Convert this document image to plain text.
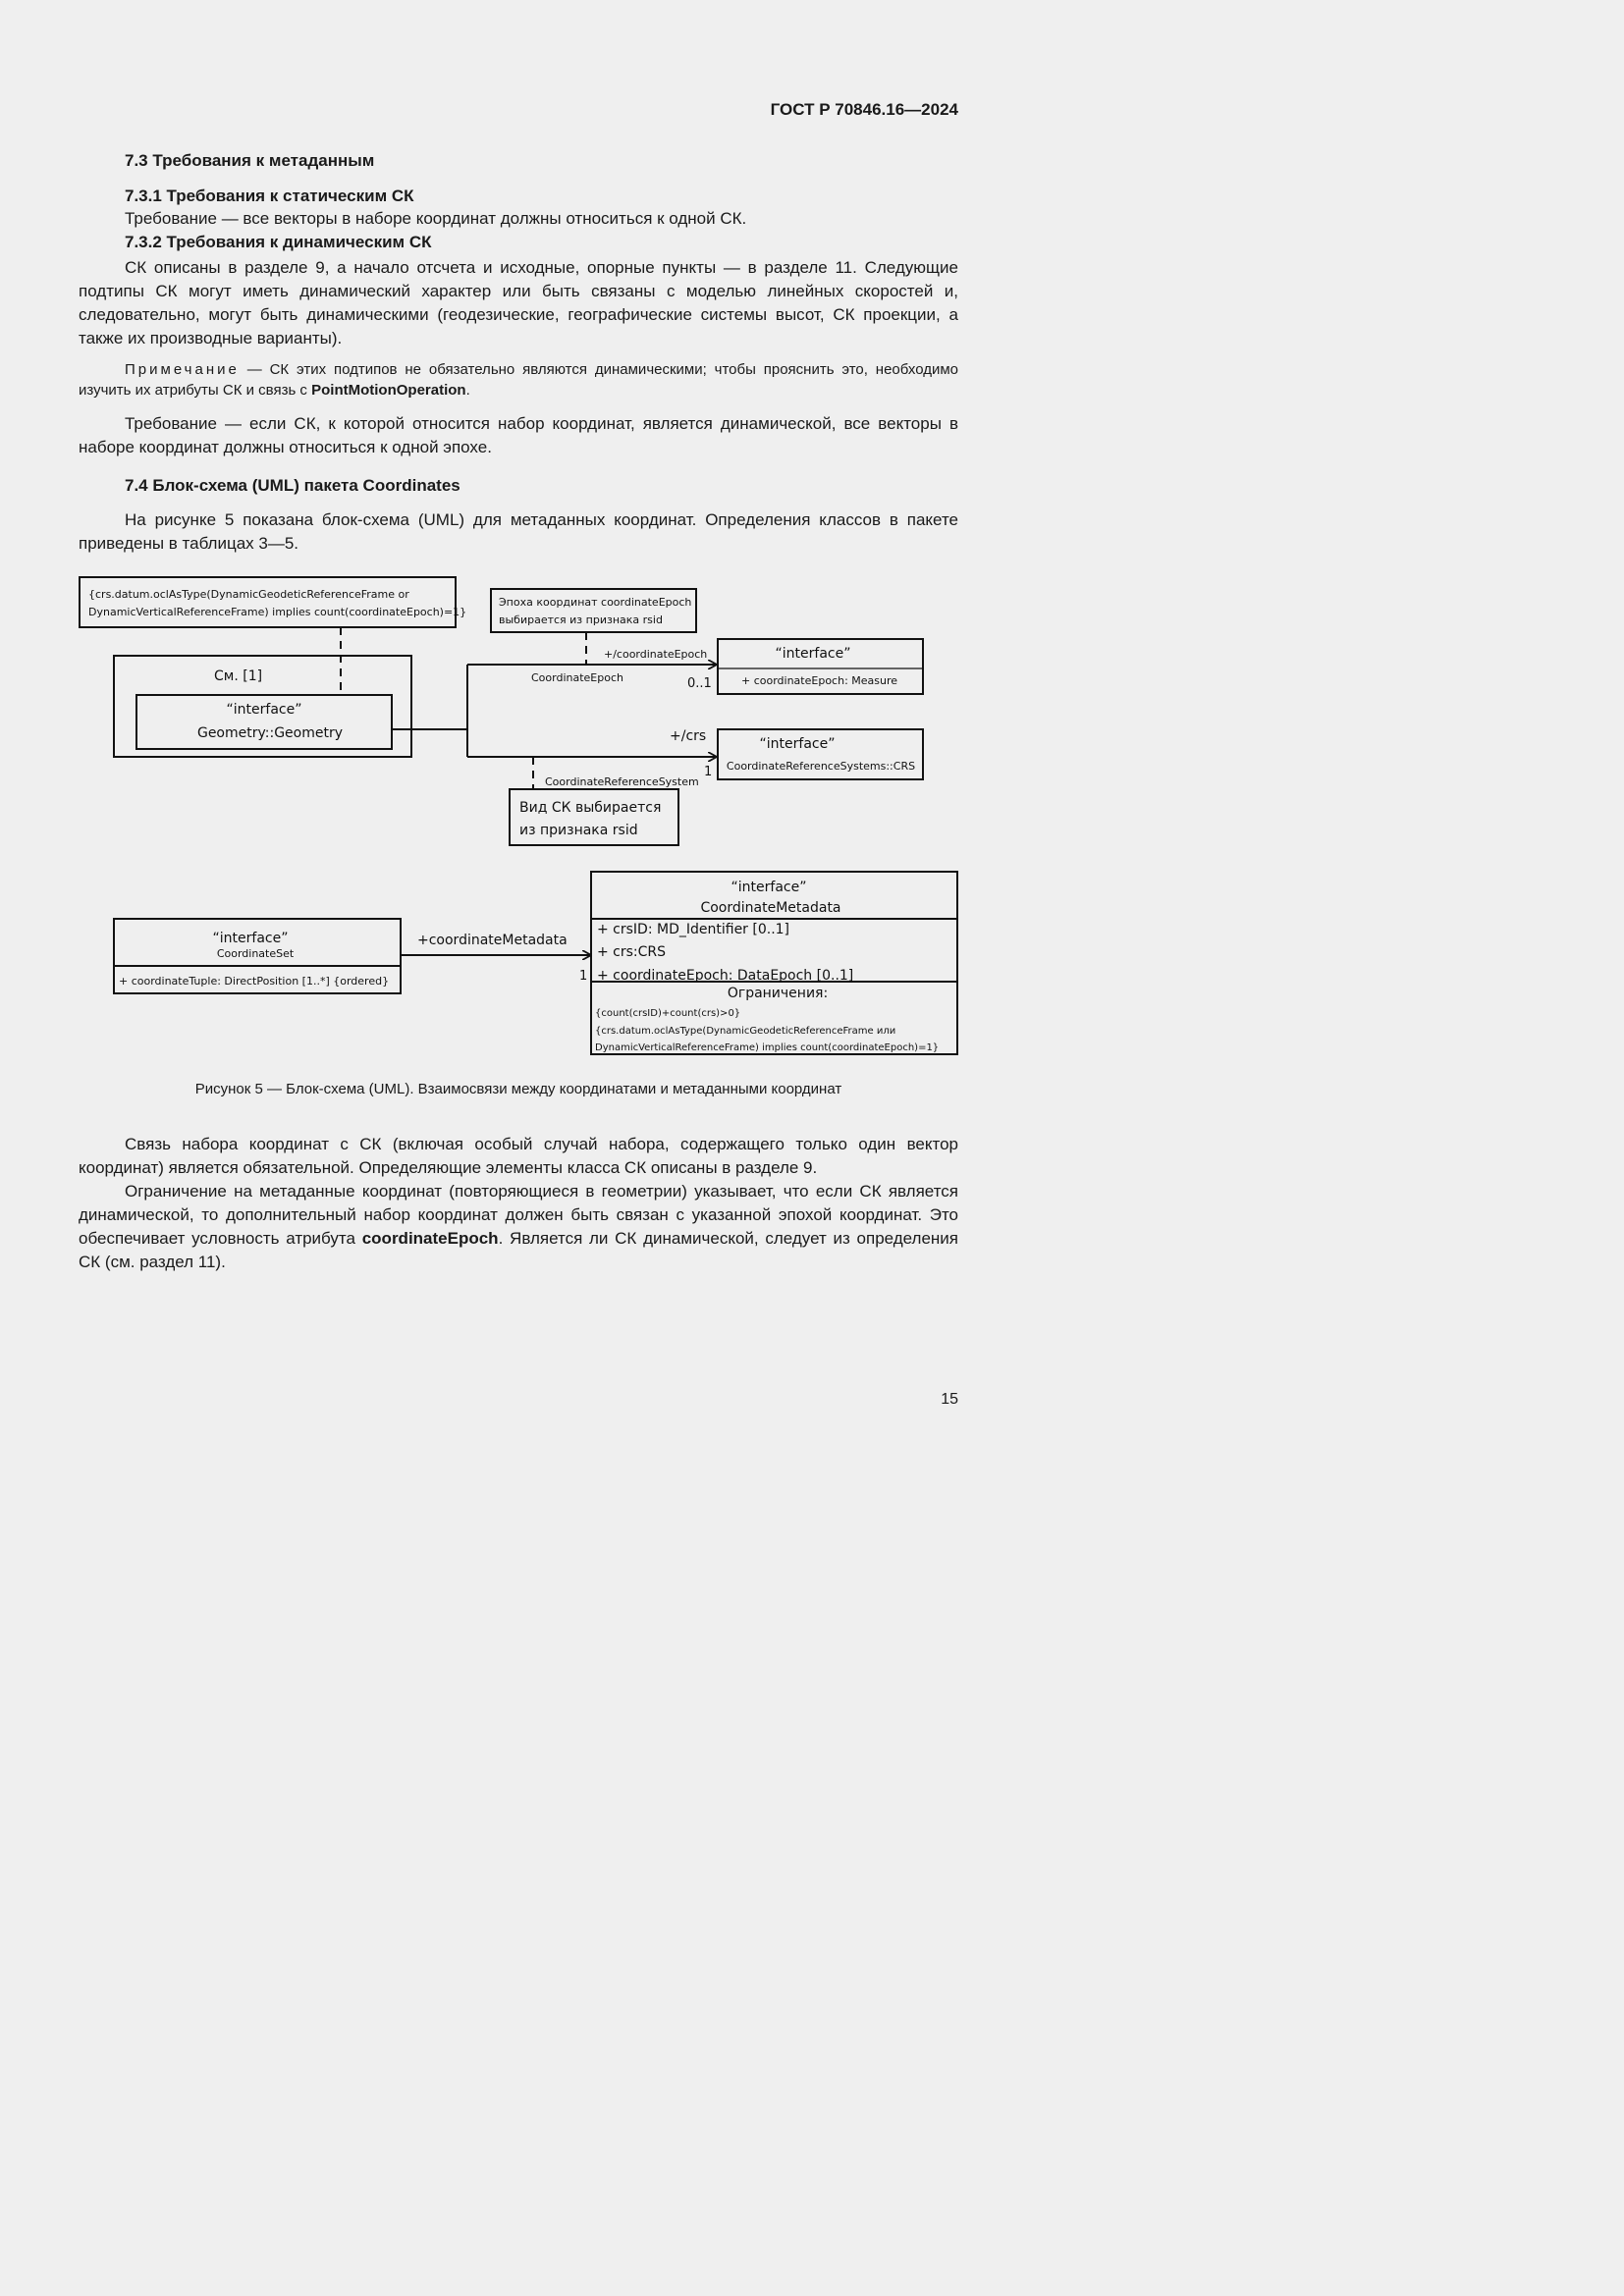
ГОСТ Р 70846.16—2024
7.3 Требования к метаданным
7.3.1 Требования к статическим СК

Требование — все векторы в наборе координат должны относиться к одной СК.

7.3.2 Требования к динамическим СК

СК описаны в разделе 9, а начало отсчета и исходные, опорные пункты — в разделе 11. Следующие подтипы СК могут иметь динамический характер или быть связаны с моделью линейных скоростей и, следовательно, могут быть динамическими (геодезические, географические системы высот, СК проекции, а также их производные варианты).

Примечание — СК этих подтипов не обязательно являются динамическими; чтобы прояснить это, необходимо изучить их атрибуты СК и связь с PointMotionOperation.

Требование — если СК, к которой относится набор координат, является динамической, все векторы в наборе координат должны относиться к одной эпохе.

7.4 Блок-схема (UML) пакета Coordinates

На рисунке 5 показана блок-схема (UML) для метаданных координат. Определения классов в пакете приведены в таблицах 3—5.

{crs.datum.oclAsType(DynamicGeodeticReferenceFrame or
DynamicVerticalReferenceFrame) implies count(coordinateEpoch)=1}
См. [1]
“interface”
Geometry::Geometry
Эпоха координат coordinateEpoch
выбирается из признака rsid
+/coordinateEpoch
CoordinateEpoch	0..1
“interface”
+ coordinateEpoch: Measure
+/crs
1
“interface”
CoordinateReferenceSystems::CRS
CoordinateReferenceSystem
Вид СК выбирается
из признака rsid
“interface”
CoordinateSet
+ coordinateTuple: DirectPosition [1..*] {ordered}
+coordinateMetadata
1
“interface”
CoordinateMetadata
+ crsID: MD_Identifier [0..1]
+ crs:CRS
+ coordinateEpoch: DataEpoch [0..1]
Ограничения:
{count(crsID)+count(crs)>0}
{crs.datum.oclAsType(DynamicGeodeticReferenceFrame или
DynamicVerticalReferenceFrame) implies count(coordinateEpoch)=1}
Рисунок 5 — Блок-схема (UML). Взаимосвязи между координатами и метаданными координат

Связь набора координат с СК (включая особый случай набора, содержащего только один вектор координат) является обязательной. Определяющие элементы класса СК описаны в разделе 9.

Ограничение на метаданные координат (повторяющиеся в геометрии) указывает, что если СК является динамической, то дополнительный набор координат должен быть связан с указанной эпохой координат. Это обеспечивает условность атрибута coordinateEpoch. Является ли СК динамической, следует из определения СК (см. раздел 11).

15
